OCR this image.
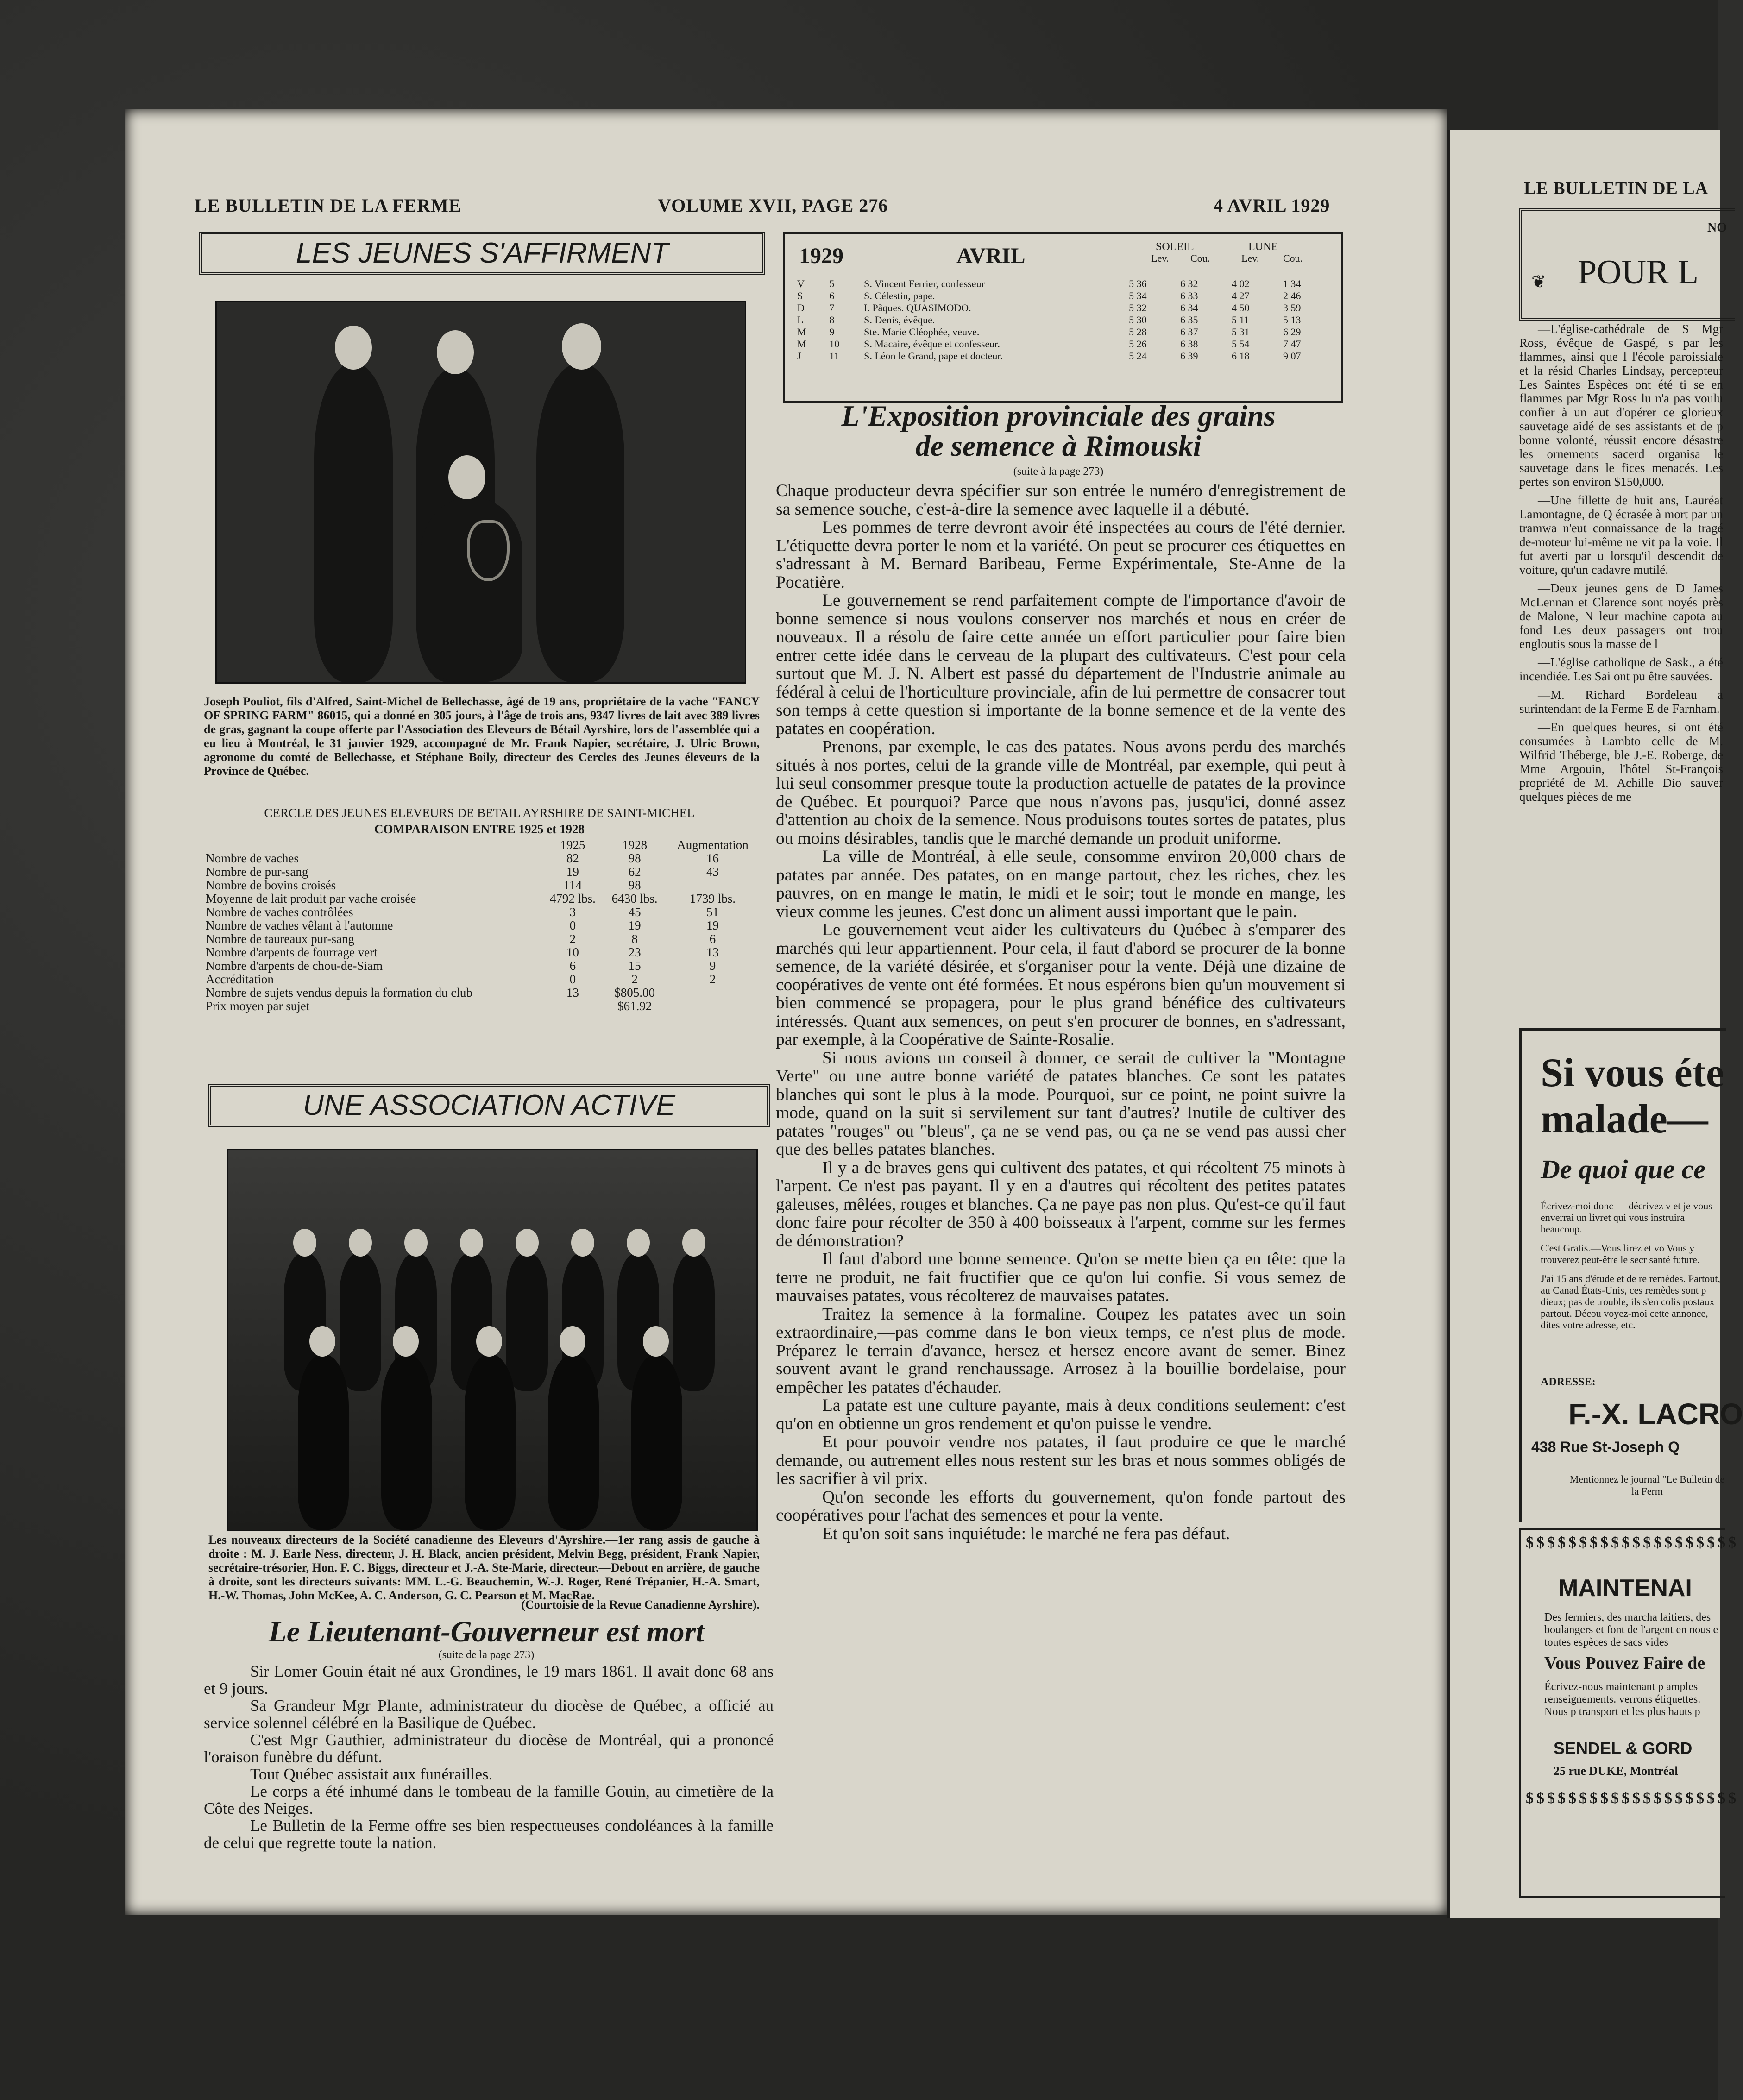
LE BULLETIN DE LA FERME	VOLUME XVII, PAGE 276	4 AVRIL 1929
LES JEUNES S'AFFIRMENT
Joseph Pouliot, fils d'Alfred, Saint-Michel de Bellechasse, âgé de 19 ans, propriétaire de la vache "FANCY OF SPRING FARM" 86015, qui a donné en 305 jours, à l'âge de trois ans, 9347 livres de lait avec 389 livres de gras, gagnant la coupe offerte par l'Association des Eleveurs de Bétail Ayrshire, lors de l'assemblée qui a eu lieu à Montréal, le 31 janvier 1929, accompagné de Mr. Frank Napier, secrétaire, J. Ulric Brown, agronome du comté de Bellechasse, et Stéphane Boily, directeur des Cercles des Jeunes éleveurs de la Province de Québec.
CERCLE DES JEUNES ELEVEURS DE BETAIL AYRSHIRE DE SAINT-MICHEL
COMPARAISON ENTRE 1925 et 1928
	1925	1928	Augmentation
Nombre de vaches	82	98	16
Nombre de pur-sang	19	62	43
Nombre de bovins croisés	114	98	
Moyenne de lait produit par vache croisée	4792 lbs.	6430 lbs.	1739 lbs.
Nombre de vaches contrôlées	3	45	51
Nombre de vaches vêlant à l'automne	0	19	19
Nombre de taureaux pur-sang	2	8	6
Nombre d'arpents de fourrage vert	10	23	13
Nombre d'arpents de chou-de-Siam	6	15	9
Accréditation	0	2	2
Nombre de sujets vendus depuis la formation du club	13	$805.00	
Prix moyen par sujet		$61.92	
UNE ASSOCIATION ACTIVE
Les nouveaux directeurs de la Société canadienne des Eleveurs d'Ayrshire.—1er rang assis de gauche à droite : M. J. Earle Ness, directeur, J. H. Black, ancien président, Melvin Begg, président, Frank Napier, secrétaire-trésorier, Hon. F. C. Biggs, directeur et J.-A. Ste-Marie, directeur.—Debout en arrière, de gauche à droite, sont les directeurs suivants: MM. L.-G. Beauchemin, W.-J. Roger, René Trépanier, H.-A. Smart, H.-W. Thomas, John McKee, A. C. Anderson, G. C. Pearson et M. MacRae.
(Courtoisie de la Revue Canadienne Ayrshire).
Le Lieutenant-Gouverneur est mort
(suite de la page 273)

Sir Lomer Gouin était né aux Grondines, le 19 mars 1861. Il avait donc 68 ans et 9 jours.

Sa Grandeur Mgr Plante, administrateur du diocèse de Québec, a officié au service solennel célébré en la Basilique de Québec.

C'est Mgr Gauthier, administrateur du diocèse de Montréal, qui a prononcé l'oraison funèbre du défunt.

Tout Québec assistait aux funérailles.

Le corps a été inhumé dans le tombeau de la famille Gouin, au cimetière de la Côte des Neiges.

Le Bulletin de la Ferme offre ses bien respectueuses condoléances à la famille de celui que regrette toute la nation.

1929	AVRIL	SOLEIL	LUNE
Lev. Cou.	Lev. Cou.
V	5	S. Vincent Ferrier, confesseur	5 36	6 32	4 02	1 34
S	6	S. Célestin, pape.	5 34	6 33	4 27	2 46
D	7	I. Pâques. QUASIMODO.	5 32	6 34	4 50	3 59
L	8	S. Denis, évêque.	5 30	6 35	5 11	5 13
M	9	Ste. Marie Cléophée, veuve.	5 28	6 37	5 31	6 29
M	10	S. Macaire, évêque et confesseur.	5 26	6 38	5 54	7 47
J	11	S. Léon le Grand, pape et docteur.	5 24	6 39	6 18	9 07
L'Exposition provinciale des grains
de semence à Rimouski
(suite à la page 273)

Chaque producteur devra spécifier sur son entrée le numéro d'enregistrement de sa semence souche, c'est-à-dire la semence avec laquelle il a débuté.

Les pommes de terre devront avoir été inspectées au cours de l'été dernier. L'étiquette devra porter le nom et la variété. On peut se procurer ces étiquettes en s'adressant à M. Bernard Baribeau, Ferme Expérimentale, Ste-Anne de la Pocatière.

Le gouvernement se rend parfaitement compte de l'importance d'avoir de bonne semence si nous voulons conserver nos marchés et nous en créer de nouveaux. Il a résolu de faire cette année un effort particulier pour faire bien entrer cette idée dans le cerveau de la plupart des cultivateurs. C'est pour cela surtout que M. J. N. Albert est passé du département de l'Industrie animale au fédéral à celui de l'horticulture provinciale, afin de lui permettre de consacrer tout son temps à cette question si importante de la bonne semence et de la vente des patates en coopération.

Prenons, par exemple, le cas des patates. Nous avons perdu des marchés situés à nos portes, celui de la grande ville de Montréal, par exemple, qui peut à lui seul consommer presque toute la production actuelle de patates de la province de Québec. Et pourquoi? Parce que nous n'avons pas, jusqu'ici, donné assez d'attention au choix de la semence. Nous produisons toutes sortes de patates, plus ou moins désirables, tandis que le marché demande un produit uniforme.

La ville de Montréal, à elle seule, consomme environ 20,000 chars de patates par année. Des patates, on en mange partout, chez les riches, chez les pauvres, on en mange le matin, le midi et le soir; tout le monde en mange, les vieux comme les jeunes. C'est donc un aliment aussi important que le pain.

Le gouvernement veut aider les cultivateurs du Québec à s'emparer des marchés qui leur appartiennent. Pour cela, il faut d'abord se procurer de la bonne semence, de la variété désirée, et s'organiser pour la vente. Déjà une dizaine de coopératives de vente ont été formées. Et nous espérons bien qu'un mouvement si bien commencé se propagera, pour le plus grand bénéfice des cultivateurs intéressés. Quant aux semences, on peut s'en procurer de bonnes, en s'adressant, par exemple, à la Coopérative de Sainte-Rosalie.

Si nous avions un conseil à donner, ce serait de cultiver la "Montagne Verte" ou une autre bonne variété de patates blanches. Ce sont les patates blanches qui sont le plus à la mode. Pourquoi, sur ce point, ne point suivre la mode, quand on la suit si servilement sur tant d'autres? Inutile de cultiver des patates "rouges" ou "bleus", ça ne se vend pas, ou ça ne se vend pas aussi cher que des belles patates blanches.

Il y a de braves gens qui cultivent des patates, et qui récoltent 75 minots à l'arpent. Ce n'est pas payant. Il y en a d'autres qui récoltent des petites patates galeuses, mêlées, rouges et blanches. Ça ne paye pas non plus. Qu'est-ce qu'il faut donc faire pour récolter de 350 à 400 boisseaux à l'arpent, comme sur les fermes de démonstration?

Il faut d'abord une bonne semence. Qu'on se mette bien ça en tête: que la terre ne produit, ne fait fructifier que ce qu'on lui confie. Si vous semez de mauvaises patates, vous récolterez de mauvaises patates.

Traitez la semence à la formaline. Coupez les patates avec un soin extraordinaire,—pas comme dans le bon vieux temps, ce n'est plus de mode. Préparez le terrain d'avance, hersez et hersez encore avant de semer. Binez souvent avant le grand renchaussage. Arrosez à la bouillie bordelaise, pour empêcher les patates d'échauder.

La patate est une culture payante, mais à deux conditions seulement: c'est qu'on en obtienne un gros rendement et qu'on puisse le vendre.

Et pour pouvoir vendre nos patates, il faut produire ce que le marché demande, ou autrement elles nous restent sur les bras et nous sommes obligés de les sacrifier à vil prix.

Qu'on seconde les efforts du gouvernement, qu'on fonde partout des coopératives pour l'achat des semences et pour la vente.

Et qu'on soit sans inquiétude: le marché ne fera pas défaut.

LE BULLETIN DE LA
NO
POUR L
❦

—L'église-cathédrale de S Mgr Ross, évêque de Gaspé, s par les flammes, ainsi que l l'école paroissiale et la résid Charles Lindsay, percepteur Les Saintes Espèces ont été ti se en flammes par Mgr Ross lu n'a pas voulu confier à un aut d'opérer ce glorieux sauvetage aidé de ses assistants et de p bonne volonté, réussit encore désastre les ornements sacerd organisa le sauvetage dans le fices menacés. Les pertes son environ $150,000.

—Une fillette de huit ans, Lauréat Lamontagne, de Q écrasée à mort par un tramwa n'eut connaissance de la tragé de-moteur lui-même ne vit pa la voie. Il fut averti par u lorsqu'il descendit de voiture, qu'un cadavre mutilé.

—Deux jeunes gens de D James McLennan et Clarence sont noyés près de Malone, N leur machine capota au fond Les deux passagers ont trou engloutis sous la masse de l

—L'église catholique de Sask., a été incendiée. Les Sai ont pu être sauvées.

—M. Richard Bordeleau a surintendant de la Ferme E de Farnham.

—En quelques heures, si ont été consumées à Lambto celle de M. Wilfrid Théberge, ble J.-E. Roberge, de Mme Argouin, l'hôtel St-François propriété de M. Achille Dio sauver quelques pièces de me

Si vous éte
malade—
De quoi que ce

Écrivez-moi donc — décrivez v et je vous enverrai un livret qui vous instruira beaucoup.

C'est Gratis.—Vous lirez et vo Vous y trouverez peut-être le secr santé future.

J'ai 15 ans d'étude et de re remèdes. Partout, au Canad États-Unis, ces remèdes sont p dieux; pas de trouble, ils s'en colis postaux partout. Décou voyez-moi cette annonce, dites votre adresse, etc.

ADRESSE:
F.-X. LACRO
438 Rue St-Joseph Q
Mentionnez le journal "Le Bulletin de la Ferm
$$$$$$$$$$$$$$$$$$$$
MAINTENAI
Des fermiers, des marcha laitiers, des boulangers et font de l'argent en nous e toutes espèces de sacs vides
Vous Pouvez Faire de
Écrivez-nous maintenant p amples renseignements. verrons étiquettes. Nous p transport et les plus hauts p
SENDEL & GORD
25 rue DUKE, Montréal
$$$$$$$$$$$$$$$$$$$$
